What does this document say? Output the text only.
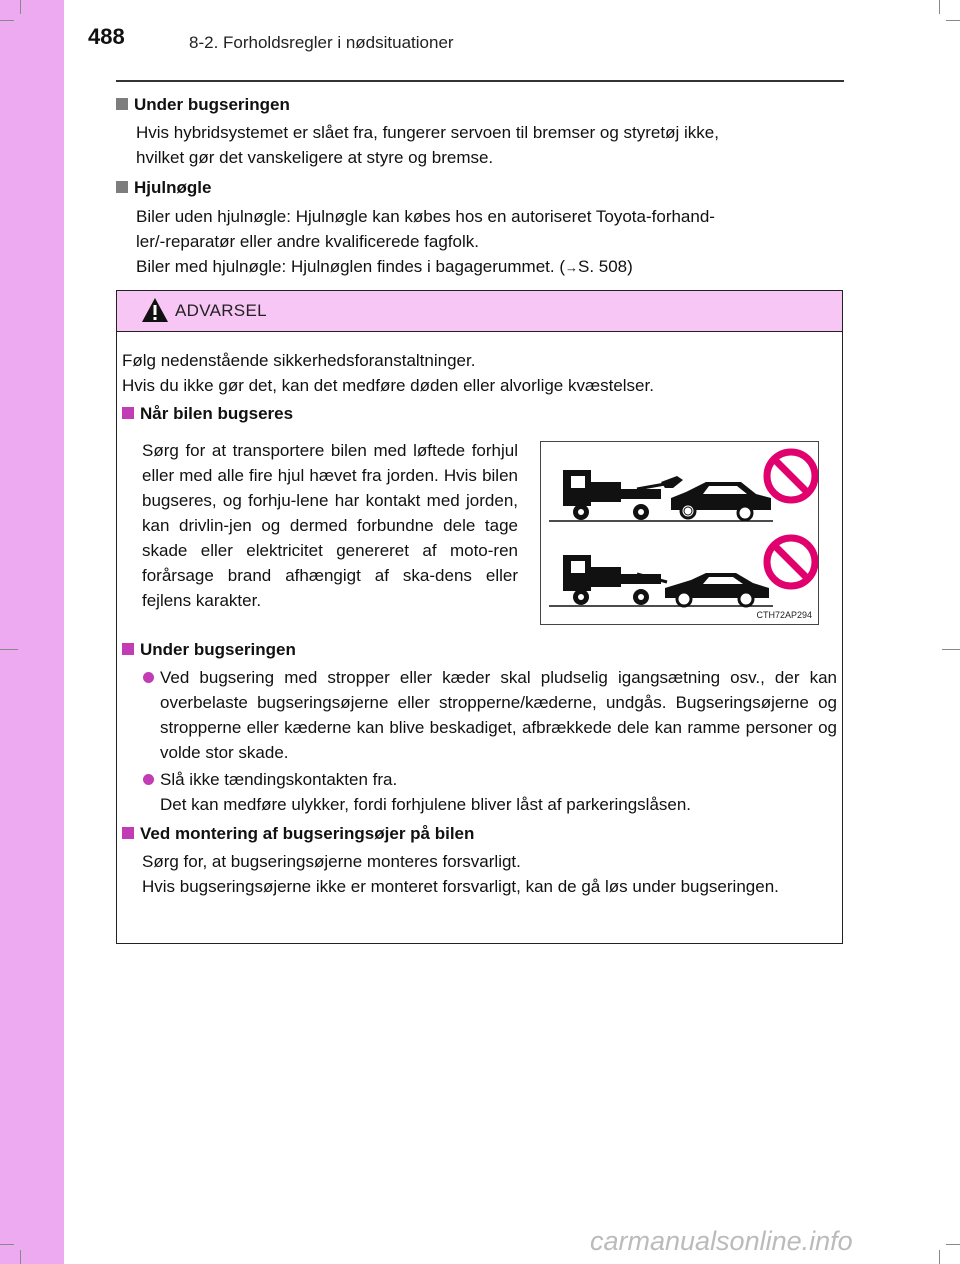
488	8-2. Forholdsregler i nødsituationer
Under bugseringen
Hvis hybridsystemet er slået fra, fungerer servoen til bremser og styretøj ikke,
hvilket gør det vanskeligere at styre og bremse.
Hjulnøgle
Biler uden hjulnøgle: Hjulnøgle kan købes hos en autoriseret Toyota-forhand-
ler/-reparatør eller andre kvalificerede fagfolk.
Biler med hjulnøgle: Hjulnøglen findes i bagagerummet. (→S. 508)
ADVARSEL
Følg nedenstående sikkerhedsforanstaltninger.
Hvis du ikke gør det, kan det medføre døden eller alvorlige kvæstelser.
Når bilen bugseres
Sørg for at transportere bilen med løftede forhjul eller med alle fire hjul hævet fra jorden. Hvis bilen bugseres, og forhju-lene har kontakt med jorden, kan drivlin-jen og dermed forbundne dele tage skade eller elektricitet genereret af moto-ren forårsage brand afhængigt af ska-dens eller fejlens karakter.
CTH72AP294
Under bugseringen
Ved bugsering med stropper eller kæder skal pludselig igangsætning osv., der kan overbelaste bugseringsøjerne eller stropperne/kæderne, undgås. Bugseringsøjerne og stropperne eller kæderne kan blive beskadiget, afbrækkede dele kan ramme personer og volde stor skade.
Slå ikke tændingskontakten fra.
Det kan medføre ulykker, fordi forhjulene bliver låst af parkeringslåsen.
Ved montering af bugseringsøjer på bilen
Sørg for, at bugseringsøjerne monteres forsvarligt.
Hvis bugseringsøjerne ikke er monteret forsvarligt, kan de gå løs under bugseringen.
carmanualsonline.info
